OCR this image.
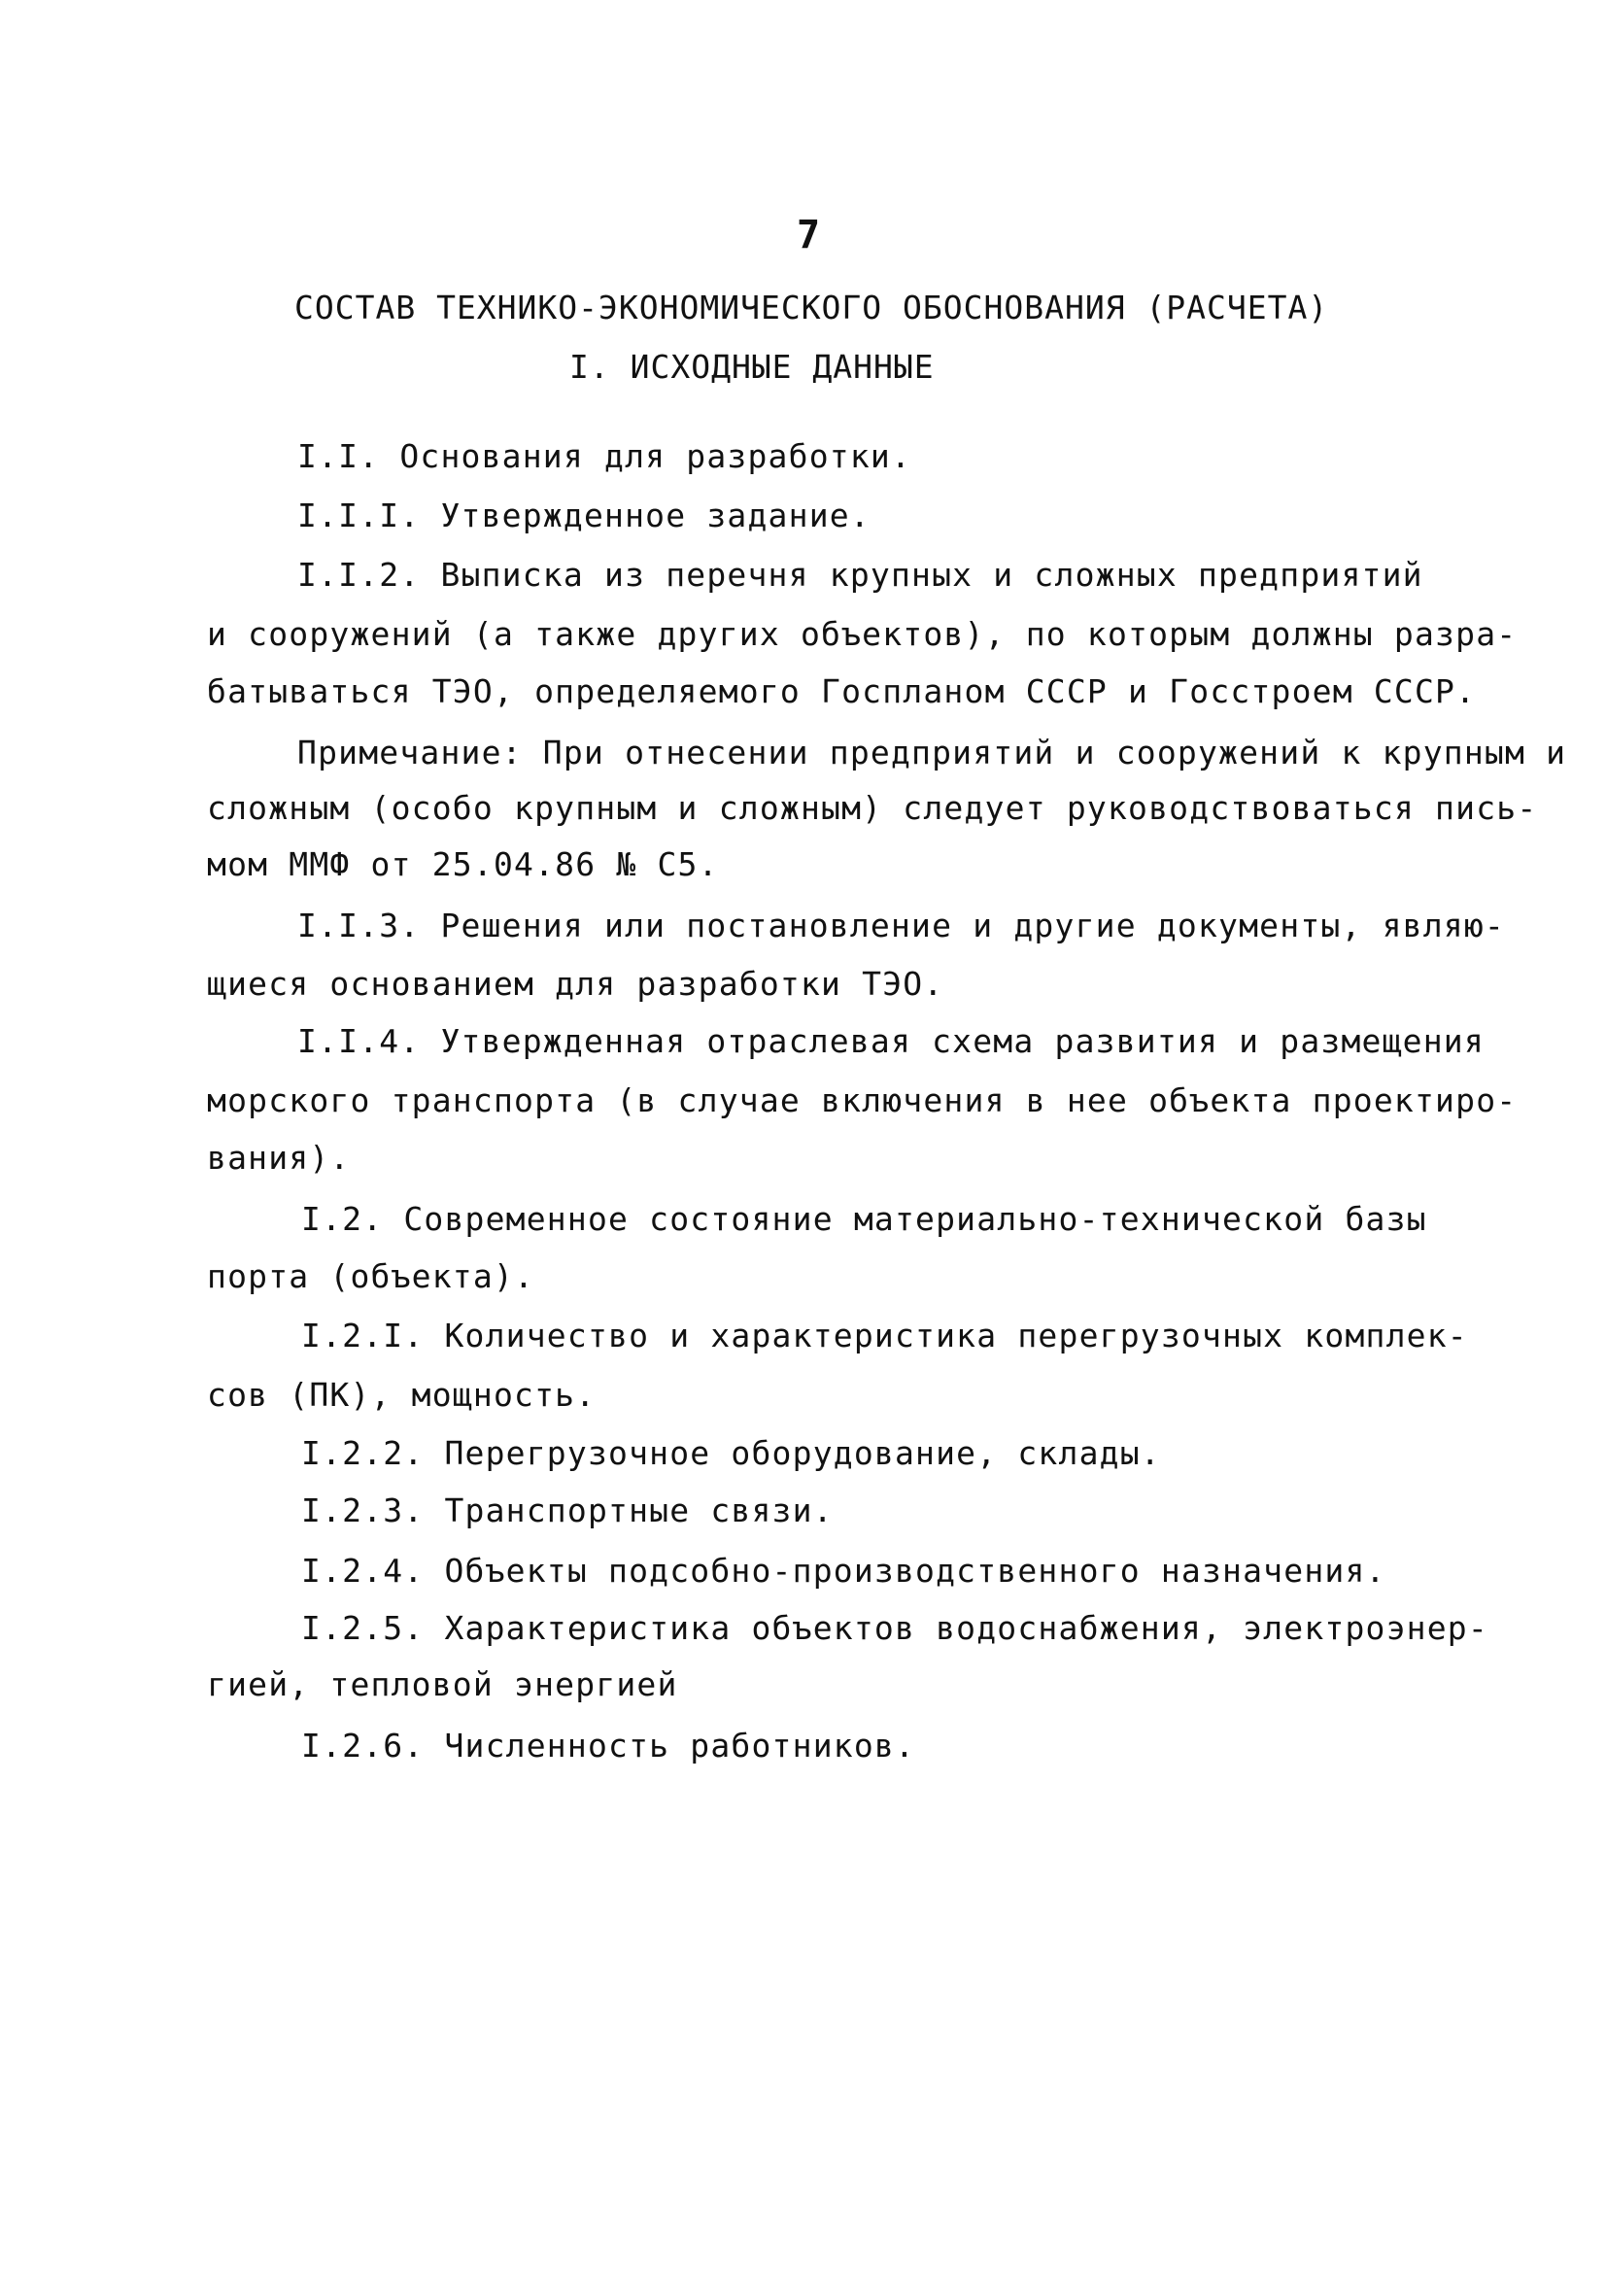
7
СОСТАВ ТЕХНИКО-ЭКОНОМИЧЕСКОГО ОБОСНОВАНИЯ (РАСЧЕТА)
I. ИСХОДНЫЕ ДАННЫЕ
I.I. Основания для разработки.
I.I.I. Утвержденное задание.
I.I.2. Выписка из перечня крупных и сложных предприятий
и сооружений (а также других объектов), по которым должны разра-
батываться ТЭО, определяемого Госпланом СССР и Госстроем СССР.
Примечание: При отнесении предприятий и сооружений к крупным и
сложным (особо крупным и сложным) следует руководствоваться пись-
мом ММФ от 25.04.86 № С5.
I.I.3. Решения или постановление и другие документы, являю-
щиеся основанием для разработки ТЭО.
I.I.4. Утвержденная отраслевая схема развития и размещения
морского транспорта (в случае включения в нее объекта проектиро-
вания).
I.2. Современное состояние материально-технической базы
порта (объекта).
I.2.I. Количество и характеристика перегрузочных комплек-
сов (ПК), мощность.
I.2.2. Перегрузочное оборудование, склады.
I.2.3. Транспортные связи.
I.2.4. Объекты подсобно-производственного назначения.
I.2.5. Характеристика объектов водоснабжения, электроэнер-
гией, тепловой энергией
I.2.6. Численность работников.
